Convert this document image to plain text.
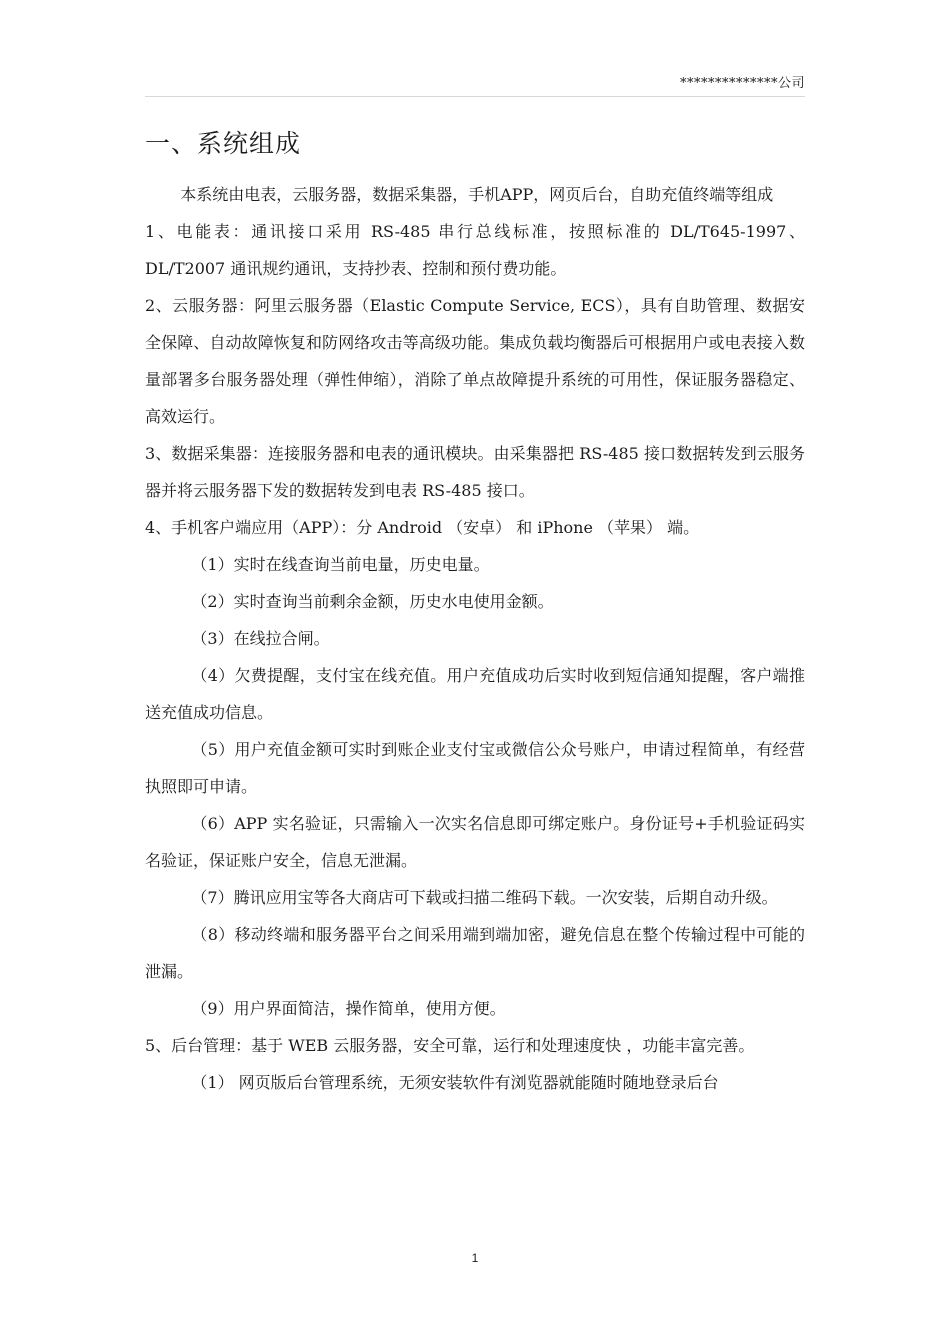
**************公司
一、系统组成

本系统由电表，云服务器，数据采集器，手机APP，网页后台，自助充值终端等组成

1、电能表：通讯接口采用 RS-485 串行总线标准，按照标准的 DL/T645-1997、DL/T2007 通讯规约通讯，支持抄表、控制和预付费功能。

2、云服务器：阿里云服务器（Elastic Compute Service, ECS），具有自助管理、数据安全保障、自动故障恢复和防网络攻击等高级功能。集成负载均衡器后可根据用户或电表接入数量部署多台服务器处理（弹性伸缩），消除了单点故障提升系统的可用性，保证服务器稳定、高效运行。

3、数据采集器：连接服务器和电表的通讯模块。由采集器把 RS-485 接口数据转发到云服务器并将云服务器下发的数据转发到电表 RS-485 接口。

4、手机客户端应用（APP）：分 Android （安卓） 和 iPhone （苹果） 端。

（1）实时在线查询当前电量，历史电量。

（2）实时查询当前剩余金额，历史水电使用金额。

（3）在线拉合闸。

（4）欠费提醒，支付宝在线充值。用户充值成功后实时收到短信通知提醒，客户端推送充值成功信息。

（5）用户充值金额可实时到账企业支付宝或微信公众号账户，申请过程简单，有经营执照即可申请。

（6）APP 实名验证，只需输入一次实名信息即可绑定账户。身份证号+手机验证码实名验证，保证账户安全，信息无泄漏。

（7）腾讯应用宝等各大商店可下载或扫描二维码下载。一次安装，后期自动升级。

（8）移动终端和服务器平台之间采用端到端加密，避免信息在整个传输过程中可能的泄漏。

（9）用户界面简洁，操作简单，使用方便。

5、后台管理：基于 WEB 云服务器，安全可靠，运行和处理速度快 ，功能丰富完善。

（1） 网页版后台管理系统，无须安装软件有浏览器就能随时随地登录后台

1
